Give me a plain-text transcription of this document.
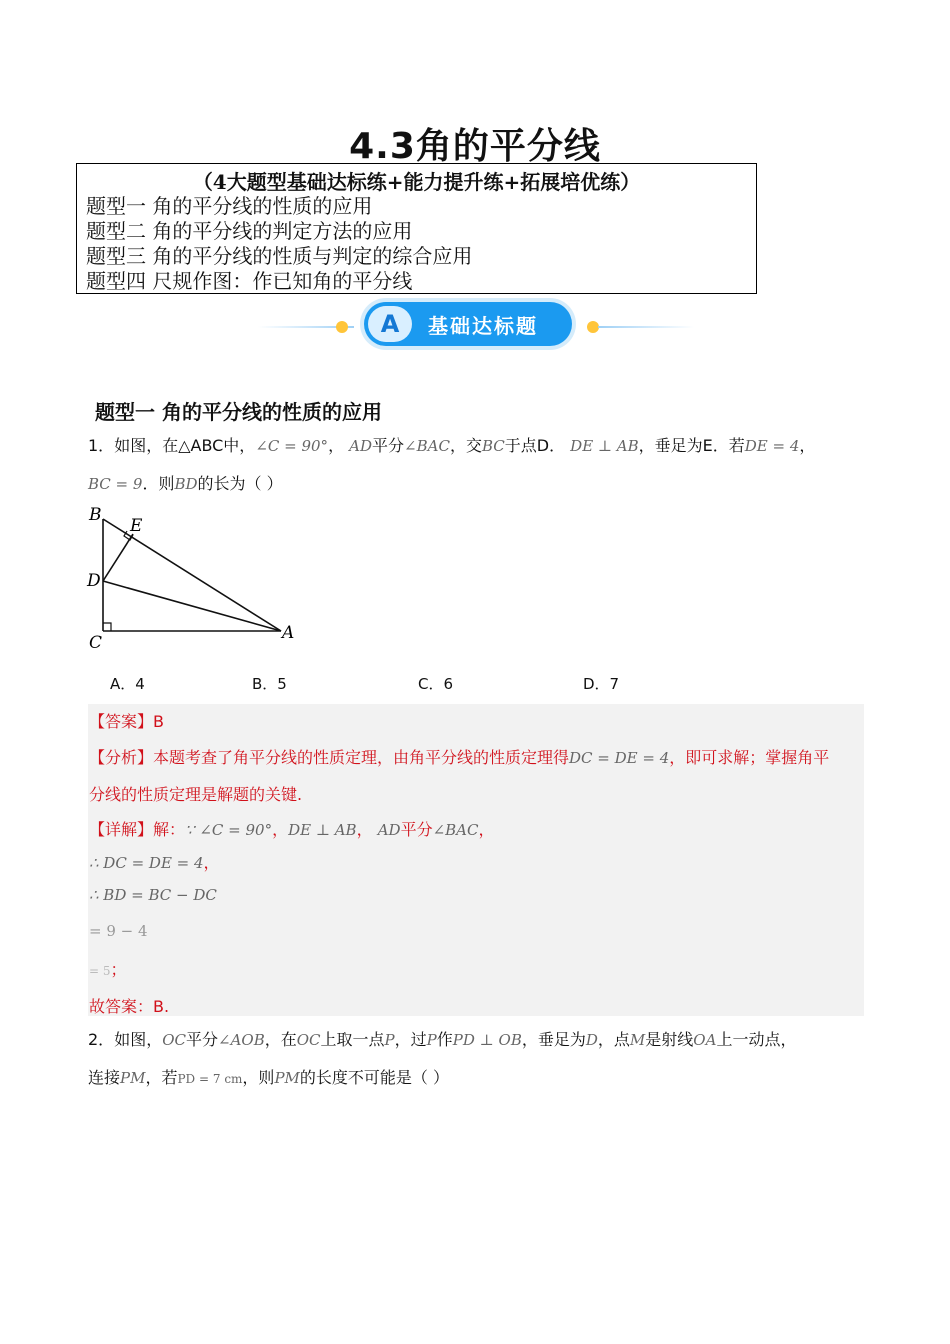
4.3角的平分线
（4大题型基础达标练+能力提升练+拓展培优练）
题型一 角的平分线的性质的应用
题型二 角的平分线的判定方法的应用
题型三 角的平分线的性质与判定的综合应用
题型四 尺规作图：作已知角的平分线
A	基础达标题
题型一 角的平分线的性质的应用
1．如图，在△ABC中，∠C = 90°， AD平分∠BAC，交BC于点D． DE ⊥ AB，垂足为E．若DE = 4，
BC = 9．则BD的长为（ ）
B
E
D
C	A
A．4	B．5	C．6	D．7
【答案】B
【分析】本题考查了角平分线的性质定理，由角平分线的性质定理得DC = DE = 4，即可求解；掌握角平
分线的性质定理是解题的关键.
【详解】解：∵ ∠C = 90°，DE ⊥ AB， AD平分∠BAC，
∴ DC = DE = 4，
∴ BD = BC − DC
= 9 − 4
= 5；
故答案：B.
2．如图，OC平分∠AOB，在OC上取一点P，过P作PD ⊥ OB，垂足为D，点M是射线OA上一动点，
连接PM，若PD = 7 cm，则PM的长度不可能是（ ）
